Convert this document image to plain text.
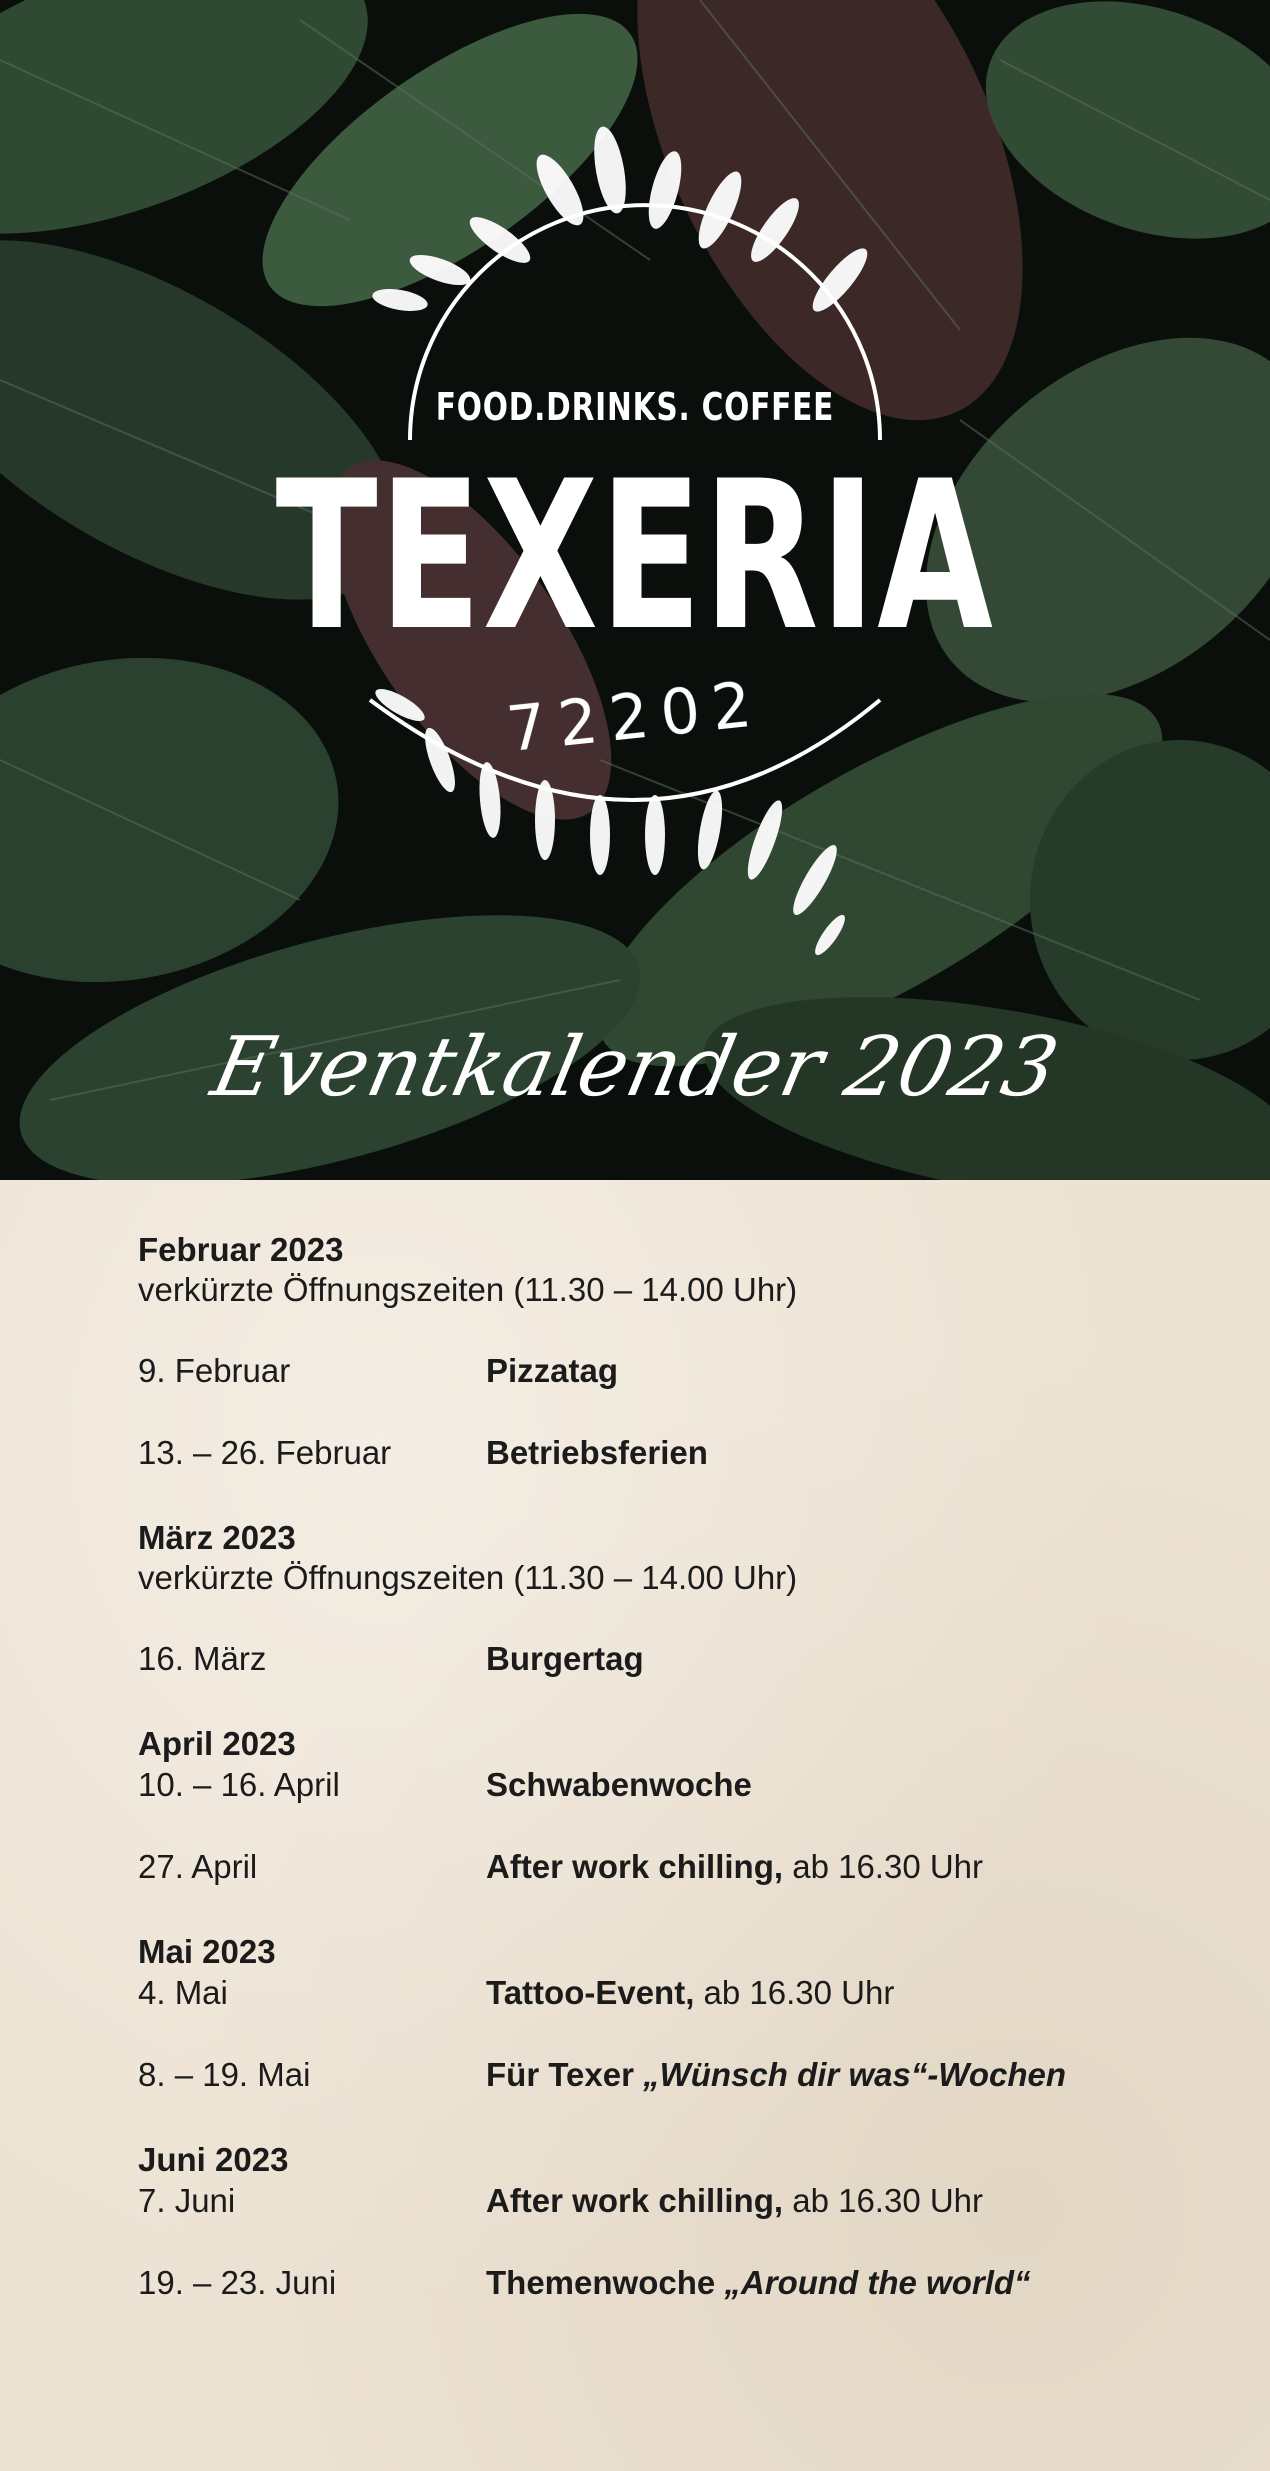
FOOD.DRINKS. COFFEE
TEXERIA
72202
Eventkalender 2023
Februar 2023
verkürzte Öffnungszeiten (11.30 – 14.00 Uhr)
9. Februar	Pizzatag
13. – 26. Februar	Betriebsferien
März 2023
verkürzte Öffnungszeiten (11.30 – 14.00 Uhr)
16. März	Burgertag
April 2023
10. – 16. April	Schwabenwoche
27. April	After work chilling, ab 16.30 Uhr
Mai 2023
4. Mai	Tattoo-Event, ab 16.30 Uhr
8. – 19. Mai	Für Texer „Wünsch dir was“-Wochen
Juni 2023
7. Juni	After work chilling, ab 16.30 Uhr
19. – 23. Juni	Themenwoche „Around the world“
